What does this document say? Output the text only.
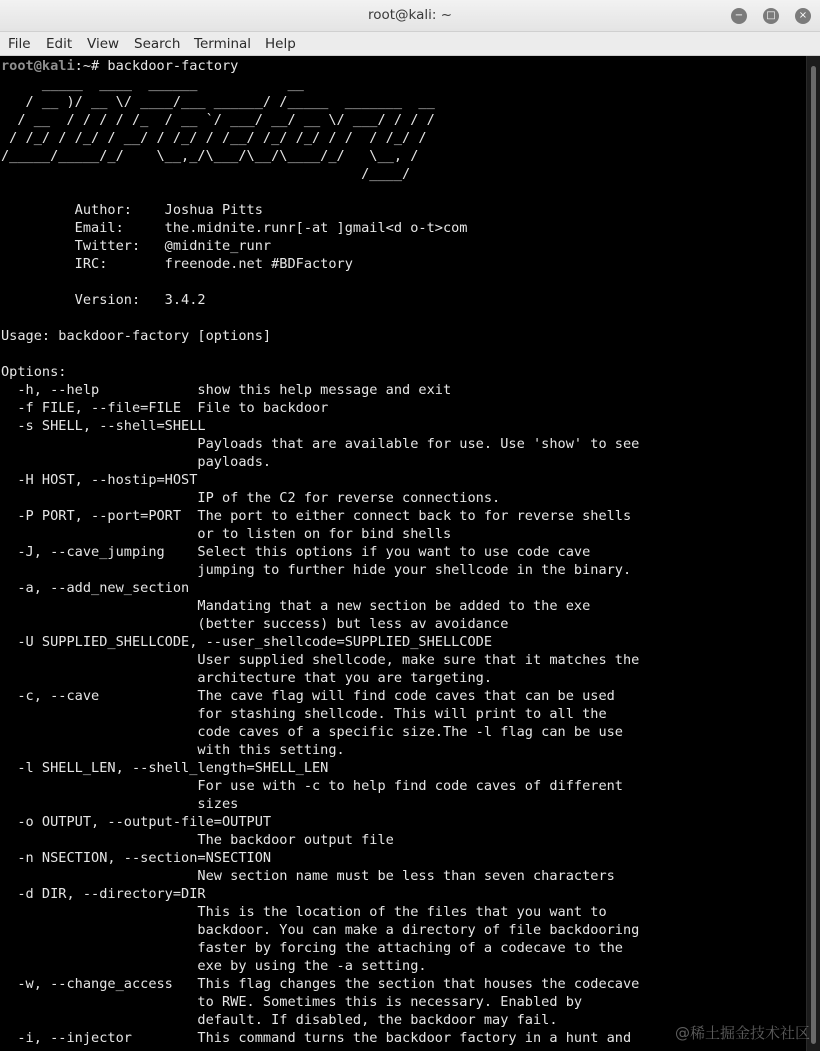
root@kali: ~	−	□	×
File Edit View Search Terminal Help
root@kali:~# backdoor-factory
_____  ____  ______           __
/ __ )/ __ \/ ____/___ ______/ /_____  _______  __
/ __  / / / / /_  / __ `/ ___/ __/ __ \/ ___/ / / /
/ /_/ / /_/ / __/ / /_/ / /__/ /_/ /_/ / /  / /_/ /
/_____/_____/_/    \__,_/\___/\__/\____/_/   \__, /
/____/
Author:    Joshua Pitts
Email:     the.midnite.runr[-at ]gmail<d o-t>com
Twitter:   @midnite_runr
IRC:       freenode.net #BDFactory
Version:   3.4.2
Usage: backdoor-factory [options]
Options:
-h, --help            show this help message and exit
-f FILE, --file=FILE  File to backdoor
-s SHELL, --shell=SHELL
Payloads that are available for use. Use 'show' to see
payloads.
-H HOST, --hostip=HOST
IP of the C2 for reverse connections.
-P PORT, --port=PORT  The port to either connect back to for reverse shells
or to listen on for bind shells
-J, --cave_jumping    Select this options if you want to use code cave
jumping to further hide your shellcode in the binary.
-a, --add_new_section
Mandating that a new section be added to the exe
(better success) but less av avoidance
-U SUPPLIED_SHELLCODE, --user_shellcode=SUPPLIED_SHELLCODE
User supplied shellcode, make sure that it matches the
architecture that you are targeting.
-c, --cave            The cave flag will find code caves that can be used
for stashing shellcode. This will print to all the
code caves of a specific size.The -l flag can be use
with this setting.
-l SHELL_LEN, --shell_length=SHELL_LEN
For use with -c to help find code caves of different
sizes
-o OUTPUT, --output-file=OUTPUT
The backdoor output file
-n NSECTION, --section=NSECTION
New section name must be less than seven characters
-d DIR, --directory=DIR
This is the location of the files that you want to
backdoor. You can make a directory of file backdooring
faster by forcing the attaching of a codecave to the
exe by using the -a setting.
-w, --change_access   This flag changes the section that houses the codecave
to RWE. Sometimes this is necessary. Enabled by
default. If disabled, the backdoor may fail.
-i, --injector        This command turns the backdoor factory in a hunt and	@稀土掘金技术社区
